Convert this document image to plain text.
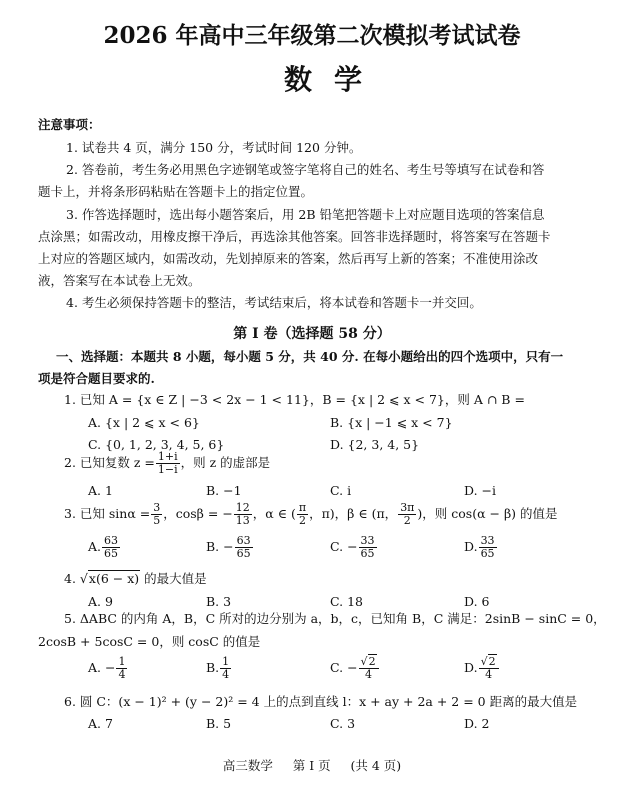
2026 年高中三年级第二次模拟考试试卷
数学
注意事项：
1. 试卷共 4 页，满分 150 分，考试时间 120 分钟。
2. 答卷前，考生务必用黑色字迹钢笔或签字笔将自己的姓名、考生号等填写在试卷和答
题卡上，并将条形码粘贴在答题卡上的指定位置。
3. 作答选择题时，选出每小题答案后，用 2B 铅笔把答题卡上对应题目选项的答案信息
点涂黑；如需改动，用橡皮擦干净后，再选涂其他答案。回答非选择题时，将答案写在答题卡
上对应的答题区域内，如需改动，先划掉原来的答案，然后再写上新的答案；不准使用涂改
液，答案写在本试卷上无效。
4. 考生必须保持答题卡的整洁，考试结束后，将本试卷和答题卡一并交回。
第 I 卷（选择题 58 分）
一、选择题：本题共 8 小题，每小题 5 分，共 40 分. 在每小题给出的四个选项中，只有一
项是符合题目要求的.
1. 已知 A = {x ∈ Z | −3 < 2x − 1 < 11}，B = {x | 2 ⩽ x < 7}，则 A ∩ B =
A. {x | 2 ⩽ x < 6}	B. {x | −1 ⩽ x < 7}
C. {0, 1, 2, 3, 4, 5, 6}	D. {2, 3, 4, 5}
2. 已知复数 $z = \frac{1+i}{1-i}$ ，则 z 的虚部是
A. 1	B. −1	C. i	D. −i
3. 已知 $\sin\alpha = \frac{3}{5}$ ，cosβ = − $\frac{12}{13}$ ，α ∈ ( $\frac{\pi}{2}$ ，π)，β ∈ (π， $\frac{3\pi}{2}$ )，则 cos(α − β) 的值是
A. $\frac{63}{65}$	B. − $\frac{63}{65}$	C. − $\frac{33}{65}$	D. $\frac{33}{65}$
4. √x(6 − x) 的最大值是
A. 9	B. 3	C. 18	D. 6
5. ΔABC 的内角 A，B，C 所对的边分别为 a，b，c，已知角 B，C 满足：2sinB − sinC = 0，
2cosB + 5cosC = 0，则 cosC 的值是
A. − $\frac{1}{4}$	B. $\frac{1}{4}$	C. − $\frac{√2}{4}$	D. $\frac{√2}{4}$
6. 圆 C：(x − 1)² + (y − 2)² = 4 上的点到直线 l：x + ay + 2a + 2 = 0 距离的最大值是
A. 7	B. 5	C. 3	D. 2
高三数学 第 I 页 (共 4 页)
